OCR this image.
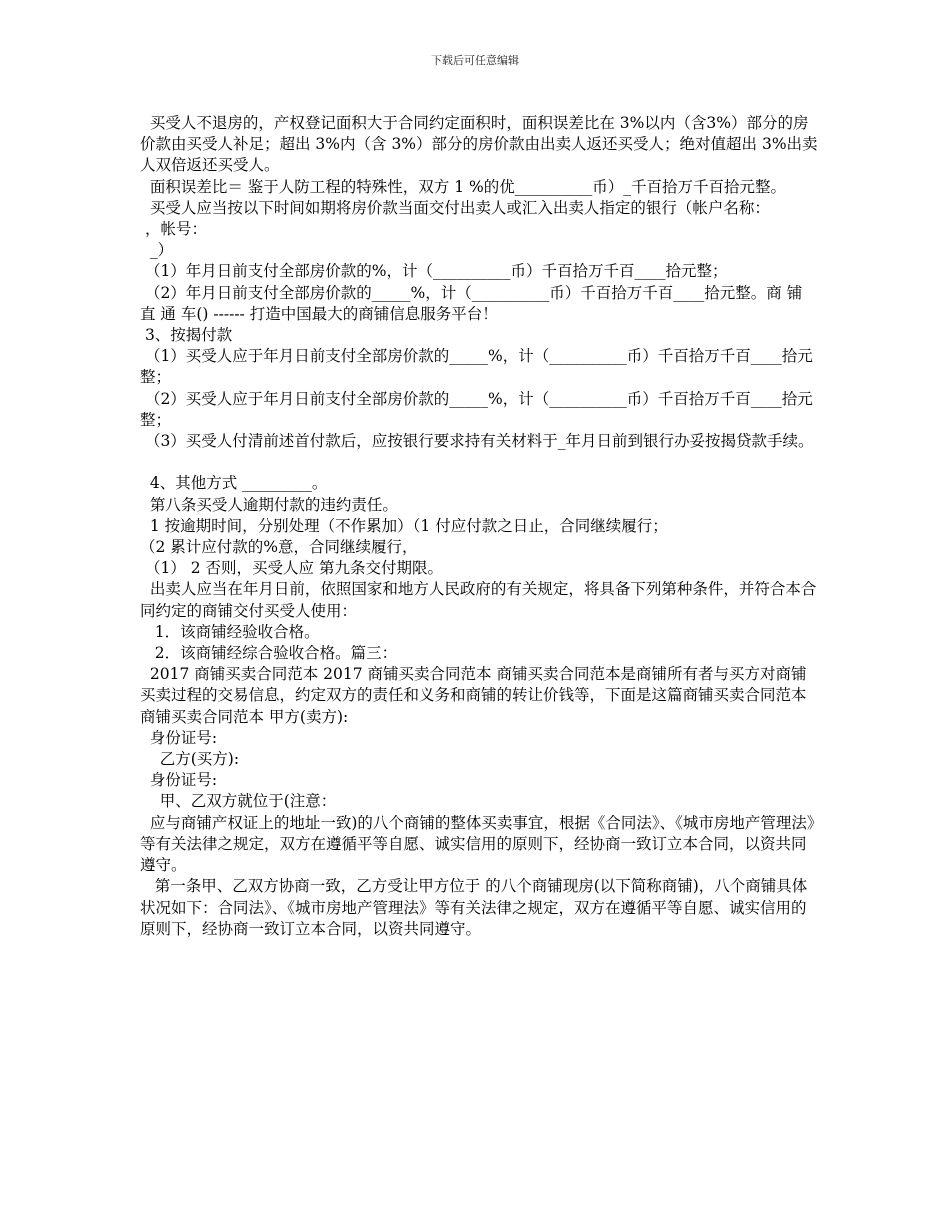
下载后可任意编辑

买受人不退房的，产权登记面积大于合同约定面积时，面积误差比在 3%以内（含3%）部分的房价款由买受人补足；超出 3%内（含 3%）部分的房价款由出卖人返还买受人；绝对值超出 3%出卖人双倍返还买受人。

面积误差比＝ 鉴于人防工程的特殊性，双方 1 %的优__________币）_千百拾万千百拾元整。

买受人应当按以下时间如期将房价款当面交付出卖人或汇入出卖人指定的银行（帐户名称：

，帐号：

_）

（1）年月日前支付全部房价款的%，计（__________币）千百拾万千百____拾元整；

（2）年月日前支付全部房价款的_____%，计（__________币）千百拾万千百____拾元整。商 铺 直 通 车() ------ 打造中国最大的商铺信息服务平台！

3、按揭付款

（1）买受人应于年月日前支付全部房价款的_____%，计（__________币）千百拾万千百____拾元整；

（2）买受人应于年月日前支付全部房价款的_____%，计（__________币）千百拾万千百____拾元整；

（3）买受人付清前述首付款后，应按银行要求持有关材料于_年月日前到银行办妥按揭贷款手续。

4、其他方式 _________。

第八条买受人逾期付款的违约责任。

1 按逾期时间，分别处理（不作累加）（1 付应付款之日止，合同继续履行；

（2 累计应付款的%意，合同继续履行，

（1） 2 否则，买受人应 第九条交付期限。

出卖人应当在年月日前，依照国家和地方人民政府的有关规定，将具备下列第种条件，并符合本合同约定的商铺交付买受人使用：

1．该商铺经验收合格。

2．该商铺经综合验收合格。篇三：

2017 商铺买卖合同范本 2017 商铺买卖合同范本 商铺买卖合同范本是商铺所有者与买方对商铺买卖过程的交易信息，约定双方的责任和义务和商铺的转让价钱等，下面是这篇商铺买卖合同范本 商铺买卖合同范本 甲方(卖方):

身份证号:

乙方(买方):

身份证号:

甲、乙双方就位于(注意：

应与商铺产权证上的地址一致)的八个商铺的整体买卖事宜，根据《合同法》、《城市房地产管理法》等有关法律之规定，双方在遵循平等自愿、诚实信用的原则下，经协商一致订立本合同，以资共同遵守。

第一条甲、乙双方协商一致，乙方受让甲方位于 的八个商铺现房(以下简称商铺)，八个商铺具体状况如下：合同法》、《城市房地产管理法》等有关法律之规定，双方在遵循平等自愿、诚实信用的原则下，经协商一致订立本合同，以资共同遵守。
